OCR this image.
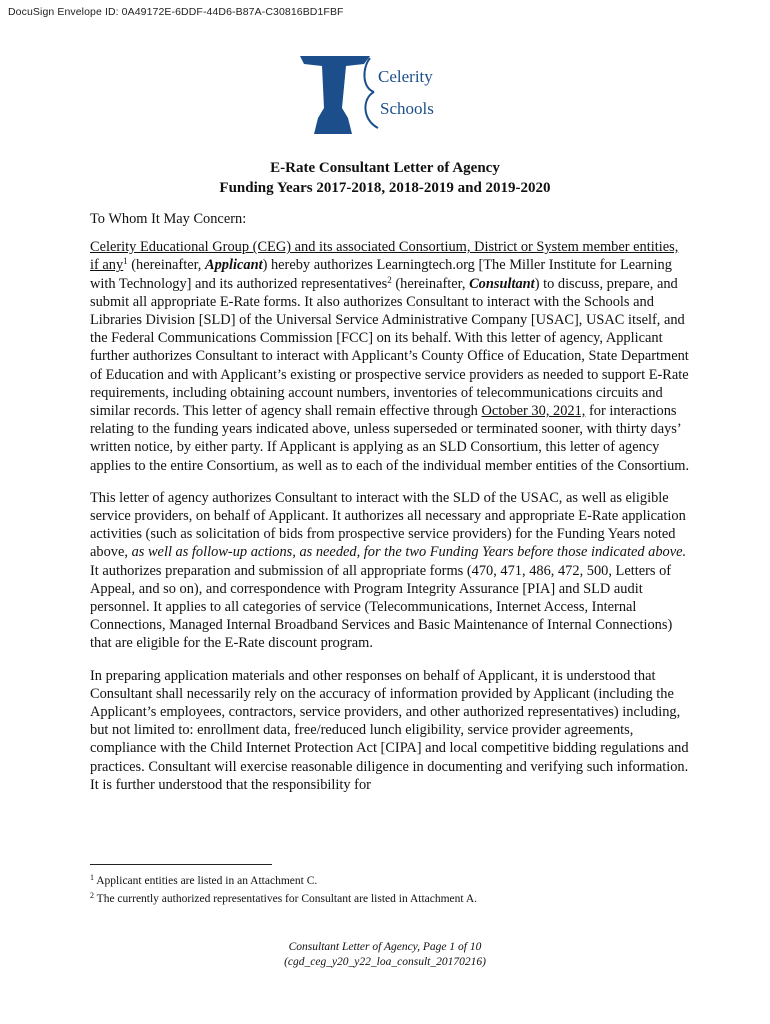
DocuSign Envelope ID: 0A49172E-6DDF-44D6-B87A-C30816BD1FBF
Celerity
Schools
E-Rate Consultant Letter of Agency
Funding Years 2017-2018, 2018-2019 and 2019-2020

To Whom It May Concern:

Celerity Educational Group (CEG) and its associated Consortium, District or System member entities, if any$^1$ (hereinafter, Applicant) hereby authorizes Learningtech.org [The Miller Institute for Learning with Technology] and its authorized representatives$^2$ (hereinafter, Consultant) to discuss, prepare, and submit all appropriate E-Rate forms. It also authorizes Consultant to interact with the Schools and Libraries Division [SLD] of the Universal Service Administrative Company [USAC], USAC itself, and the Federal Communications Commission [FCC] on its behalf. With this letter of agency, Applicant further authorizes Consultant to interact with Applicant’s County Office of Education, State Department of Education and with Applicant’s existing or prospective service providers as needed to support E-Rate requirements, including obtaining account numbers, inventories of telecommunications circuits and similar records. This letter of agency shall remain effective through October 30, 2021, for interactions relating to the funding years indicated above, unless superseded or terminated sooner, with thirty days’ written notice, by either party. If Applicant is applying as an SLD Consortium, this letter of agency applies to the entire Consortium, as well as to each of the individual member entities of the Consortium.

This letter of agency authorizes Consultant to interact with the SLD of the USAC, as well as eligible service providers, on behalf of Applicant. It authorizes all necessary and appropriate E-Rate application activities (such as solicitation of bids from prospective service providers) for the Funding Years noted above, as well as follow-up actions, as needed, for the two Funding Years before those indicated above. It authorizes preparation and submission of all appropriate forms (470, 471, 486, 472, 500, Letters of Appeal, and so on), and correspondence with Program Integrity Assurance [PIA] and SLD audit personnel. It applies to all categories of service (Telecommunications, Internet Access, Internal Connections, Managed Internal Broadband Services and Basic Maintenance of Internal Connections) that are eligible for the E-Rate discount program.

In preparing application materials and other responses on behalf of Applicant, it is understood that Consultant shall necessarily rely on the accuracy of information provided by Applicant (including the Applicant’s employees, contractors, service providers, and other authorized representatives) including, but not limited to: enrollment data, free/reduced lunch eligibility, service provider agreements, compliance with the Child Internet Protection Act [CIPA] and local competitive bidding regulations and practices. Consultant will exercise reasonable diligence in documenting and verifying such information. It is further understood that the responsibility for

$^1$ Applicant entities are listed in an Attachment C.
$^2$ The currently authorized representatives for Consultant are listed in Attachment A.
Consultant Letter of Agency, Page 1 of 10
(cgd_ceg_y20_y22_loa_consult_20170216)
